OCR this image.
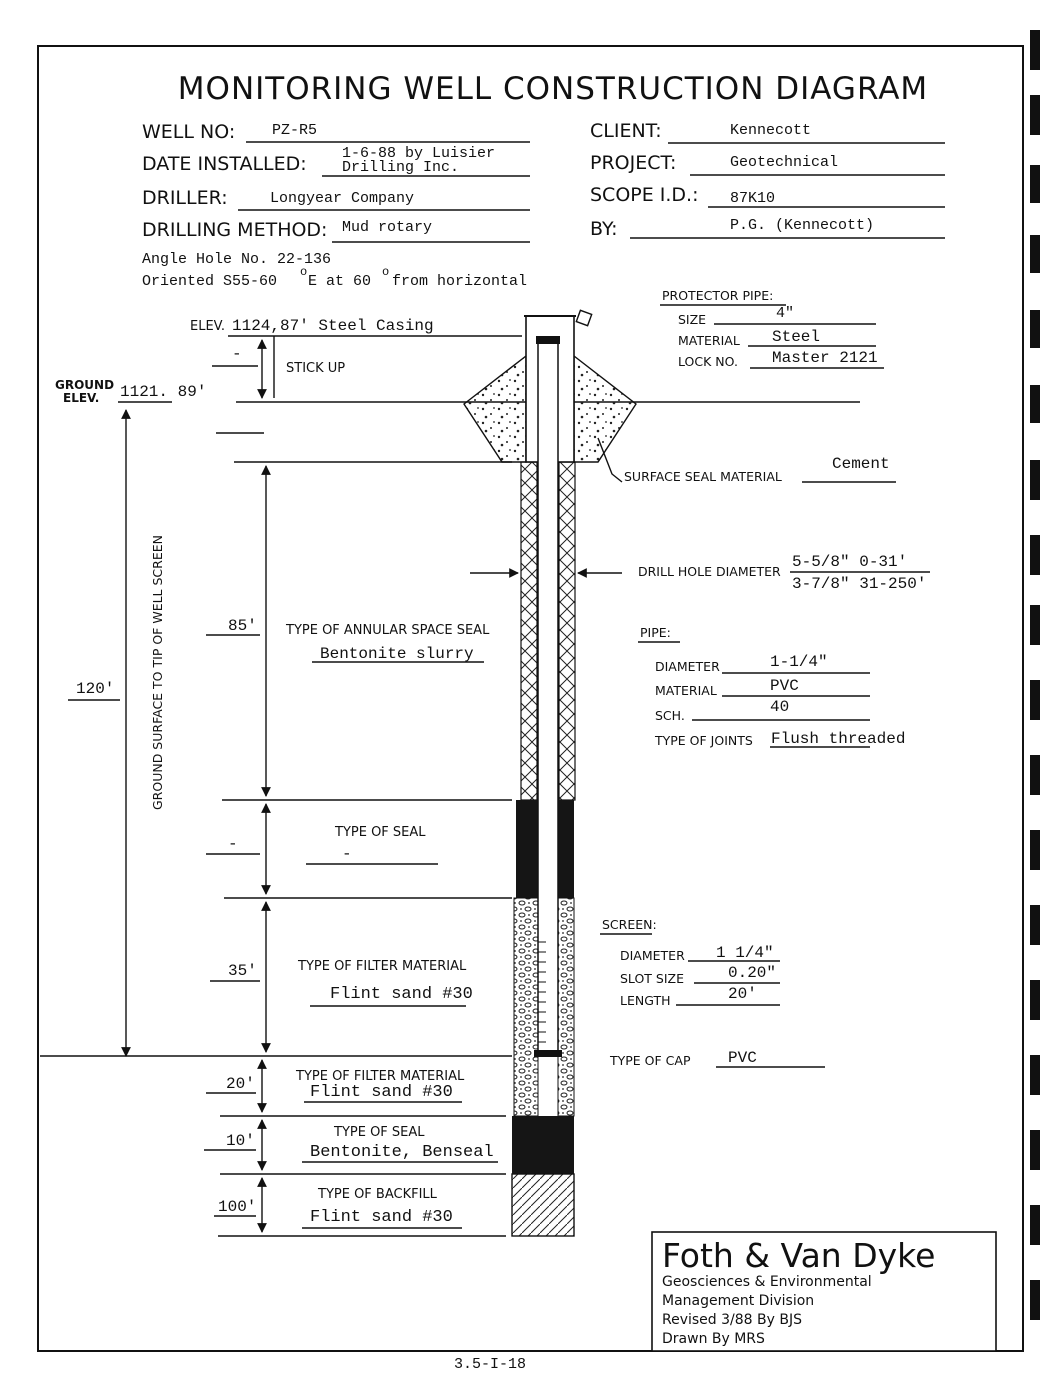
MONITORING WELL CONSTRUCTION DIAGRAM
WELL NO: PZ-R5
DATE INSTALLED: 1-6-88 by Luisier
Drilling Inc.
DRILLER:	Longyear Company
DRILLING METHOD: Mud rotary
Angle Hole No. 22-136
Oriented S55-60
o
E at 60
o
from horizontal
CLIENT:	Kennecott
PROJECT:	Geotechnical
SCOPE I.D.: 87K10
BY:	P.G. (Kennecott)
ELEV. 1124,87' Steel Casing
-
STICK UP
GROUND
ELEV. 1121. 89'
GROUND SURFACE TO TIP OF WELL SCREEN
120'
85' TYPE OF ANNULAR SPACE SEAL
Bentonite slurry
-
TYPE OF SEAL
-
35'	TYPE OF FILTER MATERIAL
Flint sand #30
20'	TYPE OF FILTER MATERIAL
Flint sand #30
10'	TYPE OF SEAL
Bentonite, Benseal
100'
TYPE OF BACKFILL
Flint sand #30
PROTECTOR PIPE:
SIZE	4"
MATERIAL Steel
LOCK NO. Master 2121
SURFACE SEAL MATERIAL
Cement
DRILL HOLE DIAMETER
5-5/8" 0-31'
3-7/8" 31-250'
PIPE:
DIAMETER	1-1/4"
MATERIAL	PVC
SCH.	40
TYPE OF JOINTS Flush threaded
SCREEN:
DIAMETER 1 1/4"
SLOT SIZE	0.20"
LENGTH	20'
TYPE OF CAP PVC
Foth & Van Dyke
Geosciences & Environmental
Management Division
Revised 3/88 By BJS
Drawn By MRS
3.5-I-18
